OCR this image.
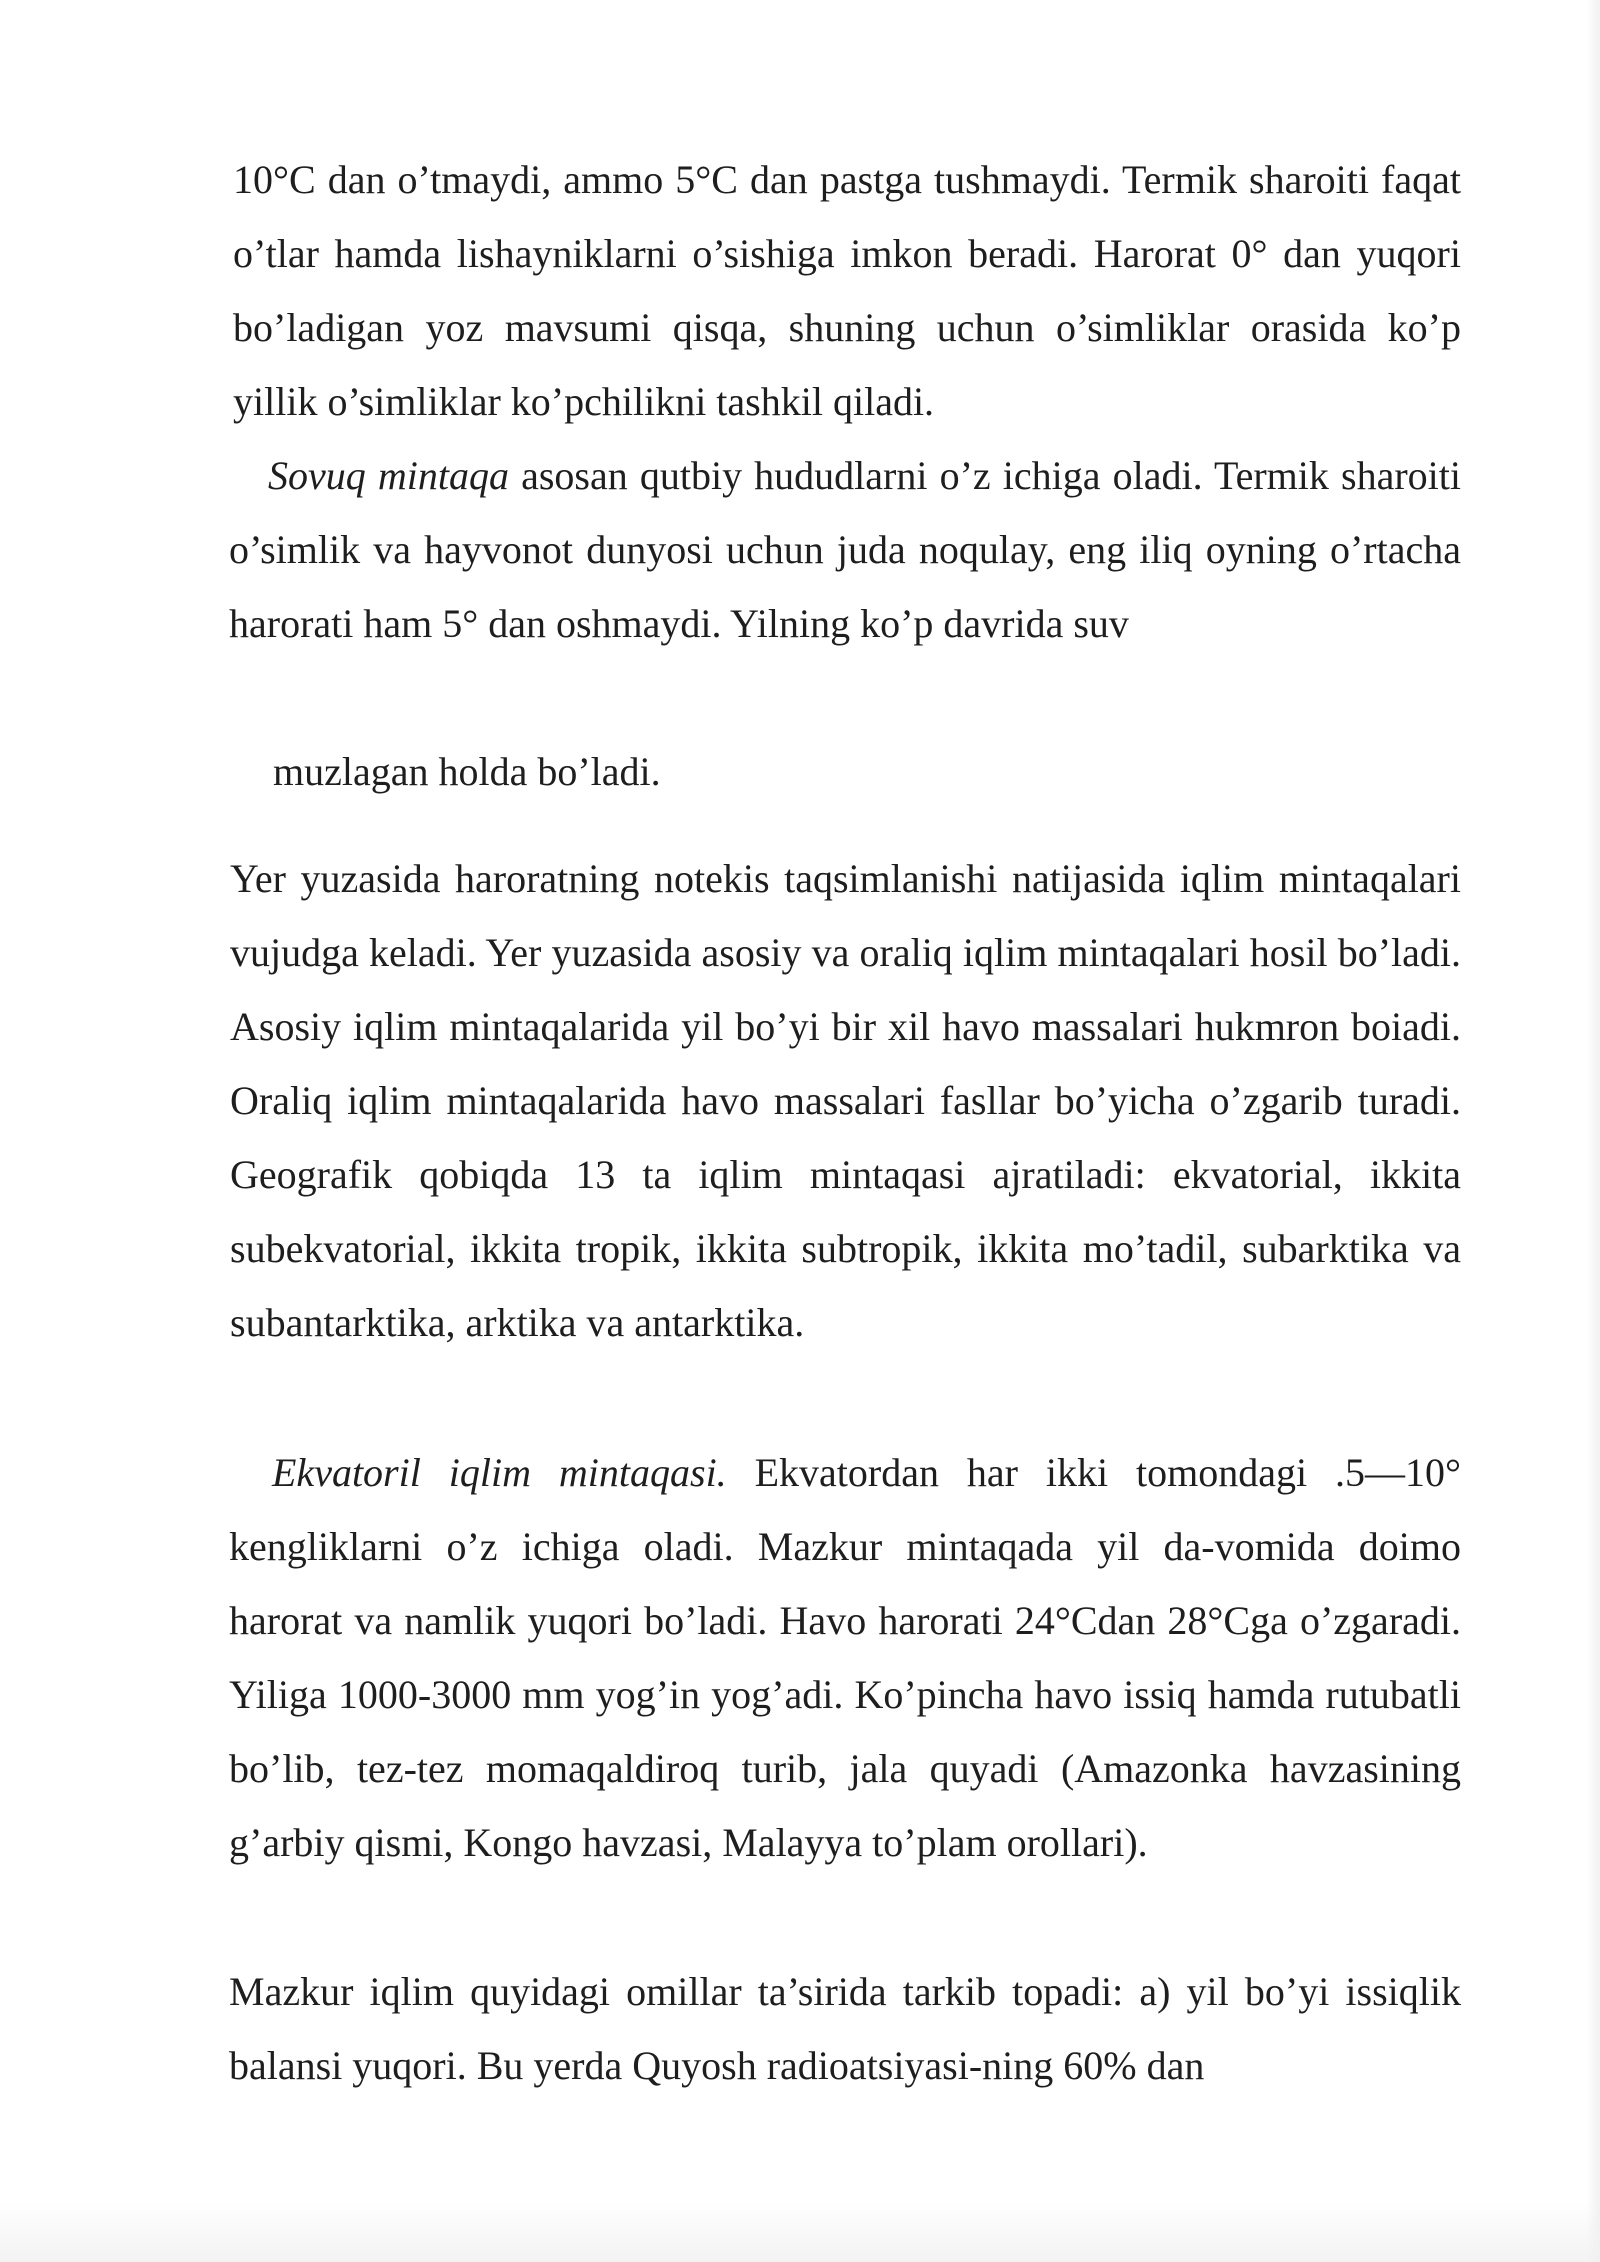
10°C dan o’tmaydi, ammo 5°C dan pastga tushmaydi. Termik sharoiti faqat o’tlar hamda lishayniklarni o’sishiga imkon beradi. Harorat 0° dan yuqori bo’ladigan yoz mavsumi qisqa, shuning uchun o’simliklar orasida ko’p yillik o’simliklar ko’pchilikni tashkil qiladi.

Sovuq mintaqa asosan qutbiy hududlarni o’z ichiga oladi. Termik sharoiti o’simlik va hayvonot dunyosi uchun juda noqulay, eng iliq oyning o’rtacha harorati ham 5° dan oshmaydi. Yilning ko’p davrida suv

muzlagan holda bo’ladi.

Yer yuzasida haroratning notekis taqsimlanishi natijasida iqlim mintaqalari vujudga keladi. Yer yuzasida asosiy va oraliq iqlim mintaqalari hosil bo’ladi. Asosiy iqlim mintaqalarida yil bo’yi bir xil havo massalari hukmron boiadi. Oraliq iqlim mintaqalarida havo massalari fasllar bo’yicha o’zgarib turadi. Geografik qobiqda 13 ta iqlim mintaqasi ajratiladi: ekvatorial, ikkita subekvatorial, ikkita tropik, ikkita subtropik, ikkita mo’tadil, subarktika va subantarktika, arktika va antarktika.

Ekvatoril iqlim mintaqasi. Ekvatordan har ikki tomondagi .5—10° kengliklarni o’z ichiga oladi. Mazkur mintaqada yil da-vomida doimo harorat va namlik yuqori bo’ladi. Havo harorati 24°Cdan 28°Cga o’zgaradi. Yiliga 1000-3000 mm yog’in yog’adi. Ko’pincha havo issiq hamda rutubatli bo’lib, tez-tez momaqaldiroq turib, jala quyadi (Amazonka havzasining g’arbiy qismi, Kongo havzasi, Malayya to’plam orollari).

Mazkur iqlim quyidagi omillar ta’sirida tarkib topadi: a) yil bo’yi issiqlik balansi yuqori. Bu yerda Quyosh radioatsiyasi-ning 60% dan
